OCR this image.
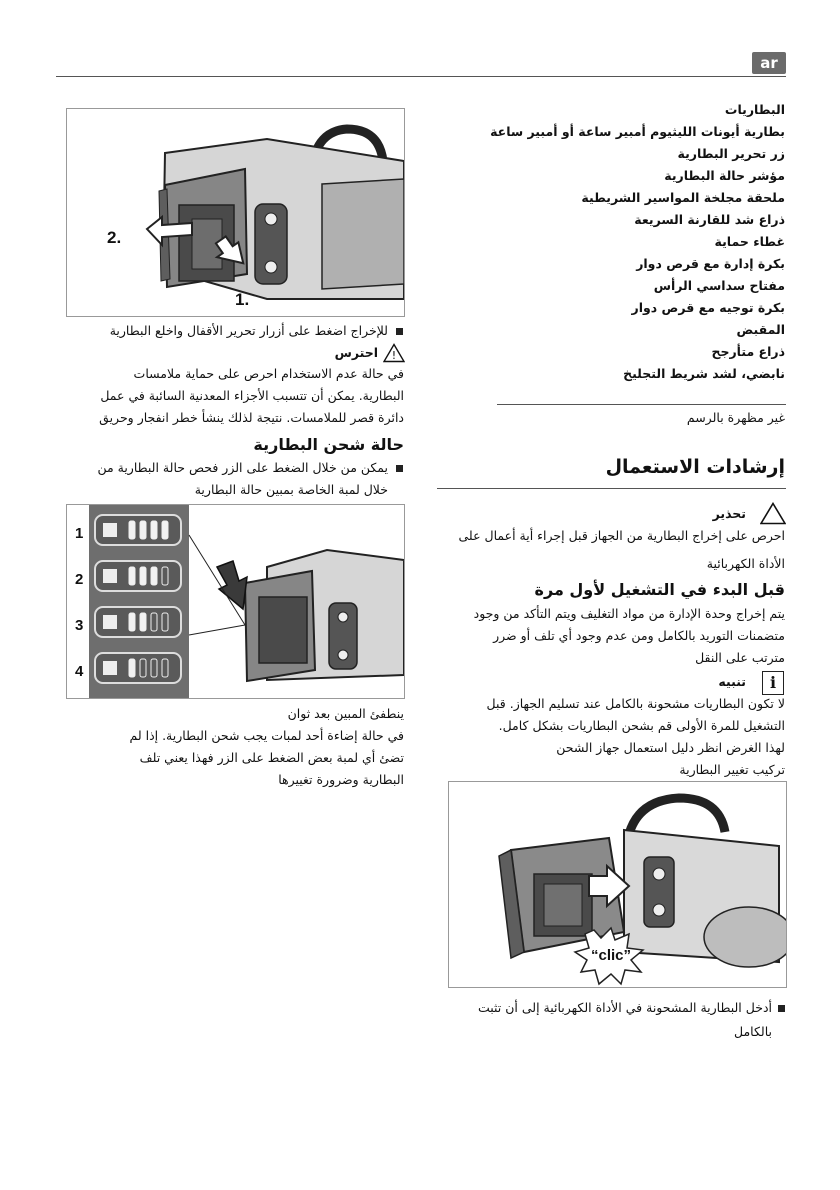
ar
البطاريات
بطارية أيونات الليثيوم أمبير ساعة أو أمبير ساعة
زر تحرير البطارية
مؤشر حالة البطارية
ملحقة مجلخة المواسير الشريطية
ذراع شد للقارنة السريعة
غطاء حماية
بكرة إدارة مع قرص دوار
مفتاح سداسي الرأس
بكرة توجيه مع قرص دوار
المقبض
ذراع متأرجح
نابضي، لشد شريط التجليخ
غير مظهرة بالرسم
إرشادات الاستعمال
تحذير
احرص على إخراج البطارية من الجهاز قبل إجراء أية أعمال على
الأداة الكهربائية
قبل البدء في التشغيل لأول مرة
يتم إخراج وحدة الإدارة من مواد التغليف ويتم التأكد من وجود
متضمنات التوريد بالكامل ومن عدم وجود أي تلف أو ضرر
مترتب على النقل
i
تنبيه
لا تكون البطاريات مشحونة بالكامل عند تسليم الجهاز. قبل
التشغيل للمرة الأولى قم بشحن البطاريات بشكل كامل.
لهذا الغرض انظر دليل استعمال جهاز الشحن
تركيب تغيير البطارية
“clic”
أدخل البطارية المشحونة في الأداة الكهربائية إلى أن تثبت
بالكامل
2.
1.
للإخراج اضغط على أزرار تحرير الأقفال واخلع البطارية
!
احترس
في حالة عدم الاستخدام احرص على حماية ملامسات
البطارية. يمكن أن تتسبب الأجزاء المعدنية السائبة في عمل
دائرة قصر للملامسات. نتيجة لذلك ينشأ خطر انفجار وحريق
حالة شحن البطارية
يمكن من خلال الضغط على الزر فحص حالة البطارية من
خلال لمبة الخاصة بمبين حالة البطارية
1
2
3
4
ينطفئ المبين بعد ثوان
في حالة إضاءة أحد لمبات يجب شحن البطارية. إذا لم
تضئ أي لمبة بعض الضغط على الزر فهذا يعني تلف
البطارية وضرورة تغييرها
